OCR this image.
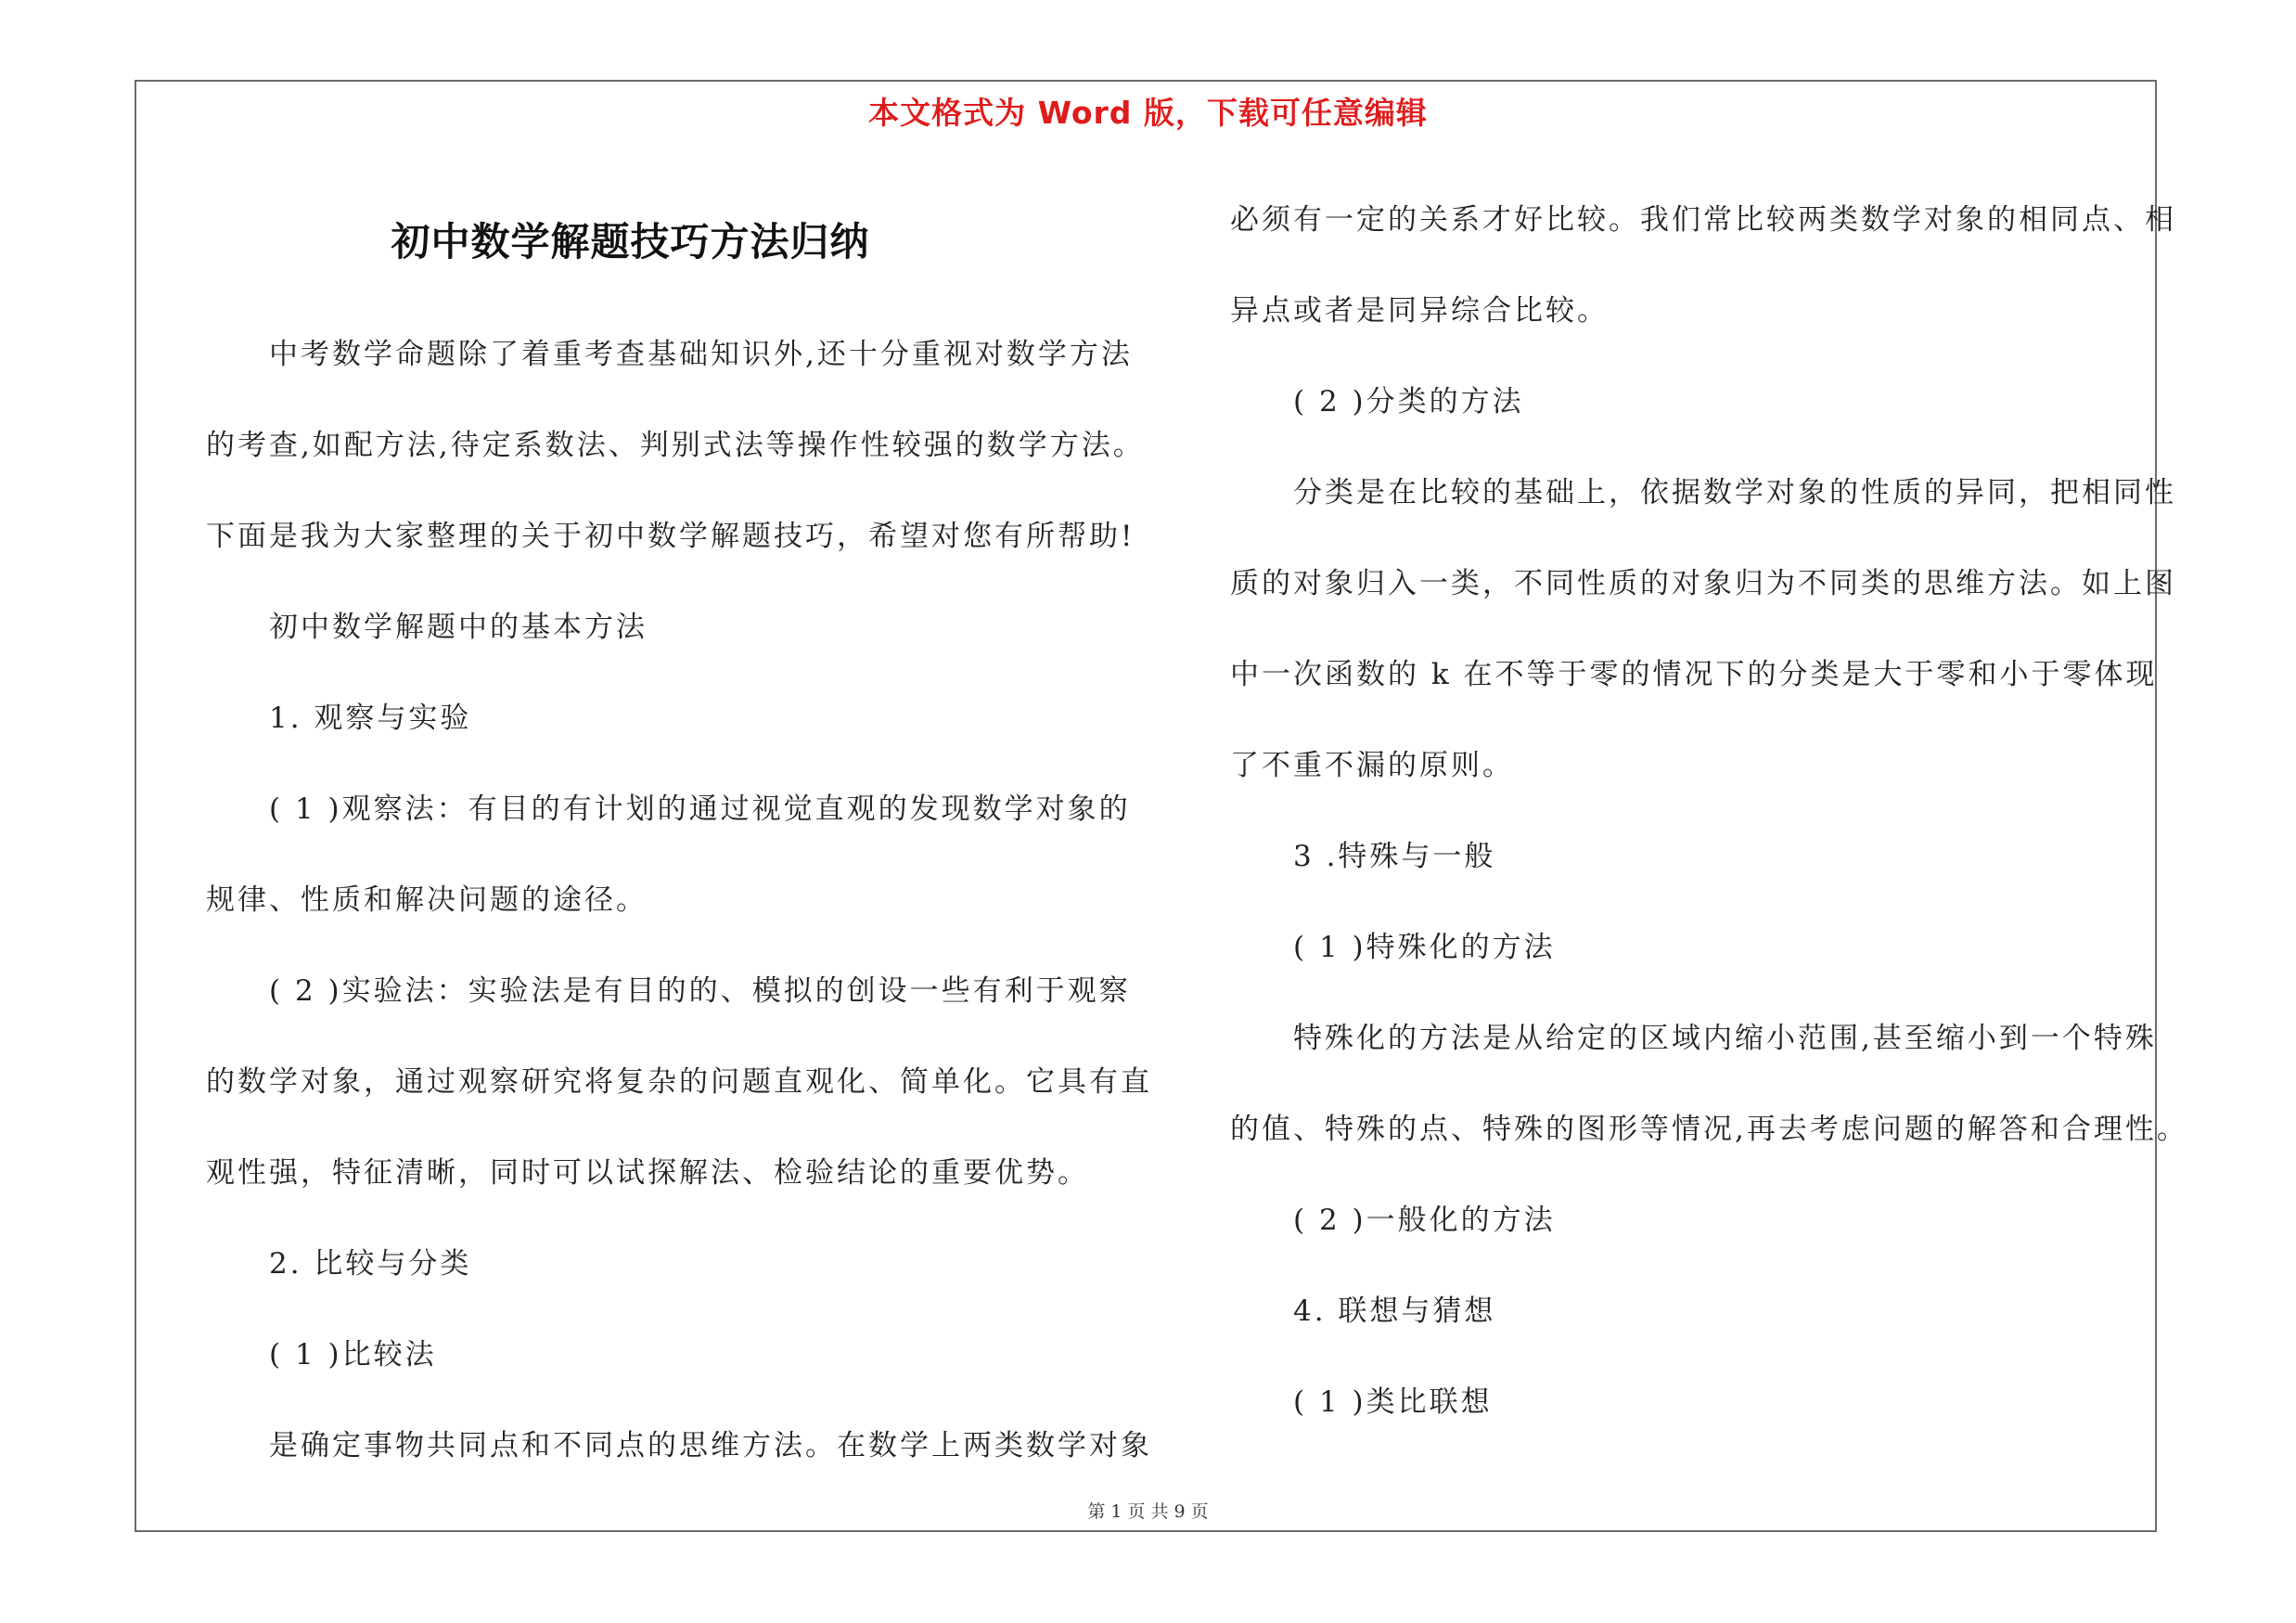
本文格式为 Word 版，下载可任意编辑
初中数学解题技巧方法归纳
中考数学命题除了着重考查基础知识外,还十分重视对数学方法
的考查,如配方法,待定系数法、判别式法等操作性较强的数学方法。
下面是我为大家整理的关于初中数学解题技巧，希望对您有所帮助!
初中数学解题中的基本方法
1. 观察与实验
( 1 )观察法：有目的有计划的通过视觉直观的发现数学对象的
规律、性质和解决问题的途径。
( 2 )实验法：实验法是有目的的、模拟的创设一些有利于观察
的数学对象，通过观察研究将复杂的问题直观化、简单化。它具有直
观性强，特征清晰，同时可以试探解法、检验结论的重要优势。
2. 比较与分类
( 1 )比较法
是确定事物共同点和不同点的思维方法。在数学上两类数学对象
必须有一定的关系才好比较。我们常比较两类数学对象的相同点、相
异点或者是同异综合比较。
( 2 )分类的方法
分类是在比较的基础上，依据数学对象的性质的异同，把相同性
质的对象归入一类，不同性质的对象归为不同类的思维方法。如上图
中一次函数的 k 在不等于零的情况下的分类是大于零和小于零体现
了不重不漏的原则。
3 .特殊与一般
( 1 )特殊化的方法
特殊化的方法是从给定的区域内缩小范围,甚至缩小到一个特殊
的值、特殊的点、特殊的图形等情况,再去考虑问题的解答和合理性。
( 2 )一般化的方法
4. 联想与猜想
( 1 )类比联想
第 1 页 共 9 页
